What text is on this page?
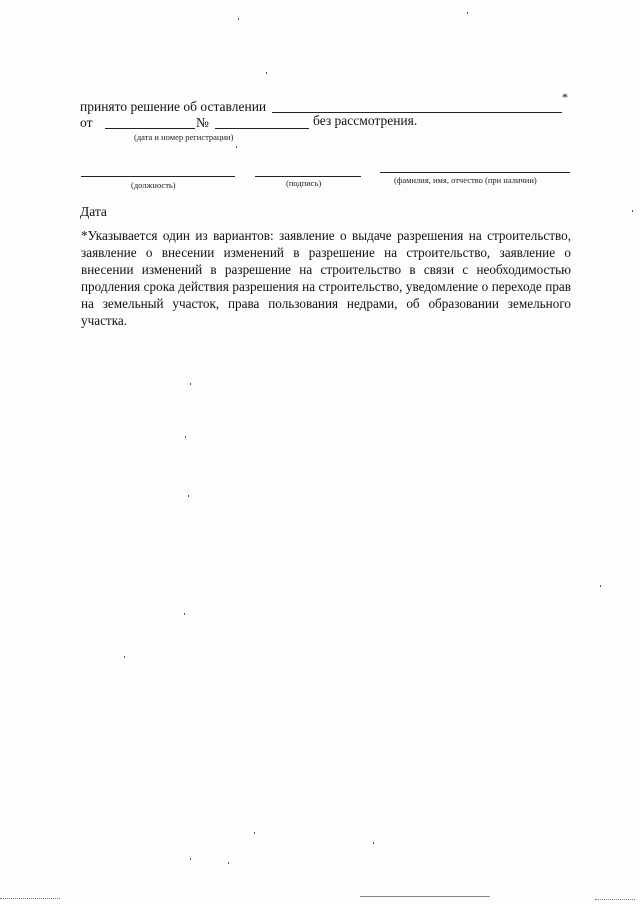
принято решение об оставлении
*
от	№	без рассмотрения.
(дата и номер регистрации)
(должность)	(подпись)	(фамилия, имя, отчество (при наличии)
Дата
*Указывается один из вариантов: заявление о выдаче разрешения на строительство, заявление о внесении изменений в разрешение на строительство, заявление о внесении изменений в разрешение на строительство в связи с необходимостью продления срока действия разрешения на строительство, уведомление о переходе прав на земельный участок, права пользования недрами, об образовании земельного участка.
